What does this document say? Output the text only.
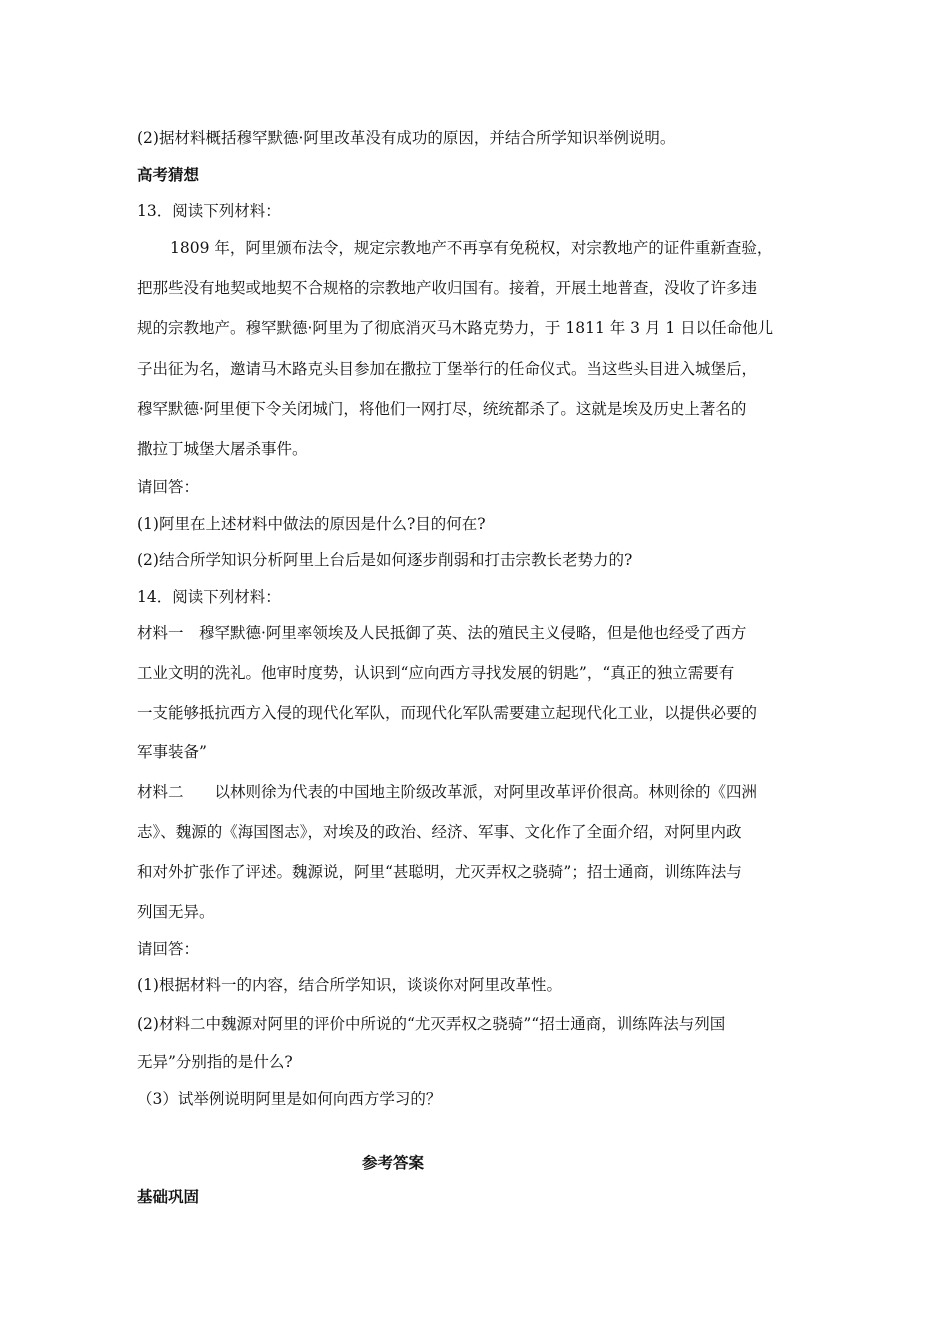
(2)据材料概括穆罕默德·阿里改革没有成功的原因，并结合所学知识举例说明。
高考猜想
13．阅读下列材料：
1809 年，阿里颁布法令，规定宗教地产不再享有免税权，对宗教地产的证件重新查验，
把那些没有地契或地契不合规格的宗教地产收归国有。接着，开展土地普查，没收了许多违
规的宗教地产。穆罕默德·阿里为了彻底消灭马木路克势力，于 1811 年 3 月 1 日以任命他儿
子出征为名，邀请马木路克头目参加在撒拉丁堡举行的任命仪式。当这些头目进入城堡后，
穆罕默德·阿里便下令关闭城门，将他们一网打尽，统统都杀了。这就是埃及历史上著名的
撒拉丁城堡大屠杀事件。
请回答：
(1)阿里在上述材料中做法的原因是什么?目的何在?
(2)结合所学知识分析阿里上台后是如何逐步削弱和打击宗教长老势力的?
14．阅读下列材料：
材料一　穆罕默德·阿里率领埃及人民抵御了英、法的殖民主义侵略，但是他也经受了西方
工业文明的洗礼。他审时度势，认识到“应向西方寻找发展的钥匙”，“真正的独立需要有
一支能够抵抗西方入侵的现代化军队，而现代化军队需要建立起现代化工业，以提供必要的
军事装备”
材料二　　以林则徐为代表的中国地主阶级改革派，对阿里改革评价很高。林则徐的《四洲
志》、魏源的《海国图志》，对埃及的政治、经济、军事、文化作了全面介绍，对阿里内政
和对外扩张作了评述。魏源说，阿里“甚聪明，尤灭弄权之骁骑”；招士通商，训练阵法与
列国无异。
请回答：
(1)根据材料一的内容，结合所学知识，谈谈你对阿里改革性。
(2)材料二中魏源对阿里的评价中所说的“尤灭弄权之骁骑”“招士通商，训练阵法与列国
无异”分别指的是什么?
（3）试举例说明阿里是如何向西方学习的？
参考答案
基础巩固
